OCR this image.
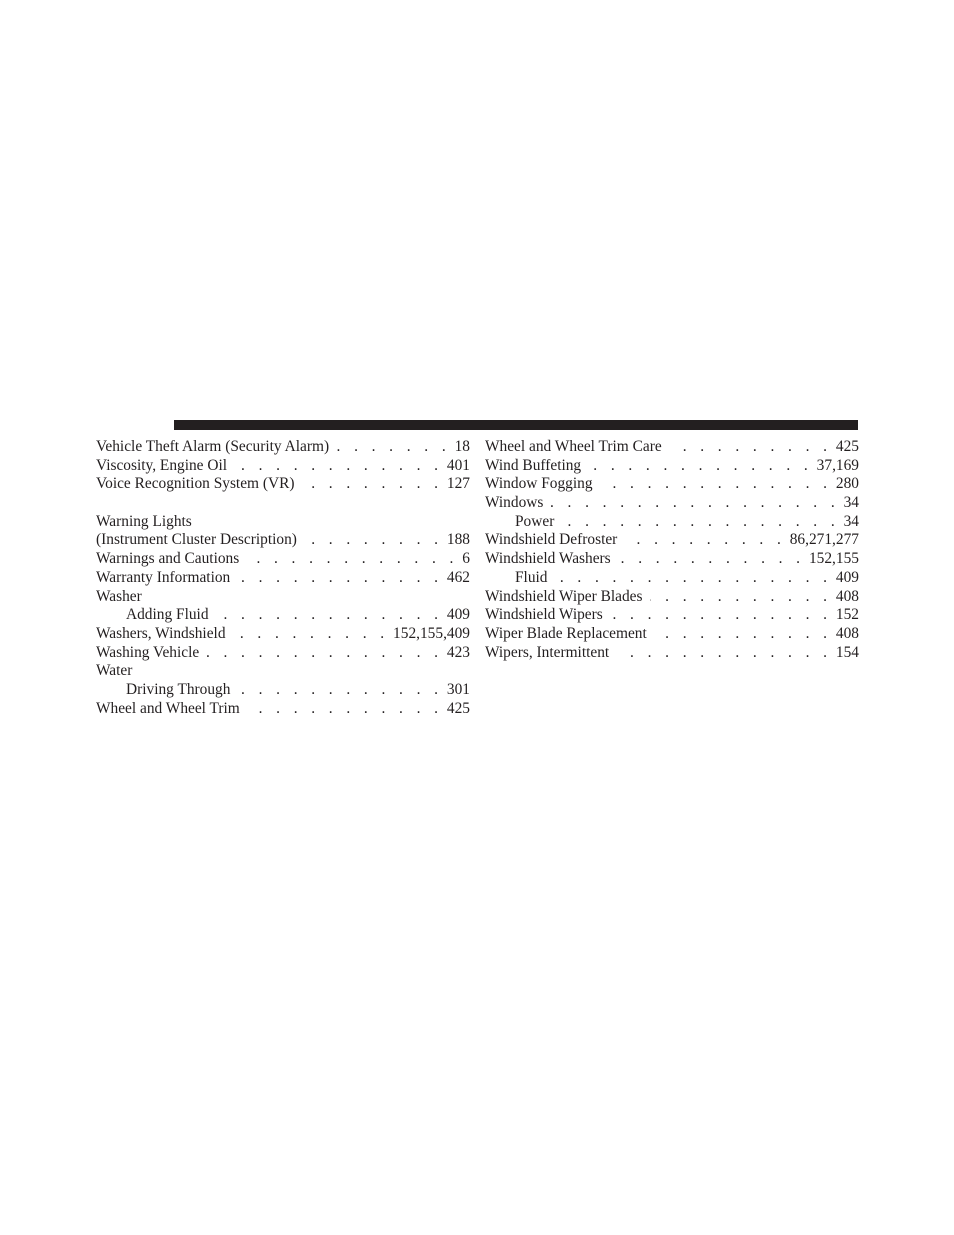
Vehicle Theft Alarm (Security Alarm) . . .	18
Viscosity, Engine Oil . . .	401
Voice Recognition System (VR) . . .	127
Warning Lights
(Instrument Cluster Description) . . .	188
Warnings and Cautions . . .	6
Warranty Information . . .	462
Washer
Adding Fluid . . .	409
Washers, Windshield . . .	152,155,409
Washing Vehicle . . .	423
Water
Driving Through . . .	301
Wheel and Wheel Trim . . .	425
Wheel and Wheel Trim Care . . .	425
Wind Buffeting . . .	37,169
Window Fogging . . .	280
Windows . . .	34
Power . . .	34
Windshield Defroster . . .	86,271,277
Windshield Washers . . .	152,155
Fluid . . .	409
Windshield Wiper Blades . . .	408
Windshield Wipers . . .	152
Wiper Blade Replacement . . .	408
Wipers, Intermittent . . .	154
